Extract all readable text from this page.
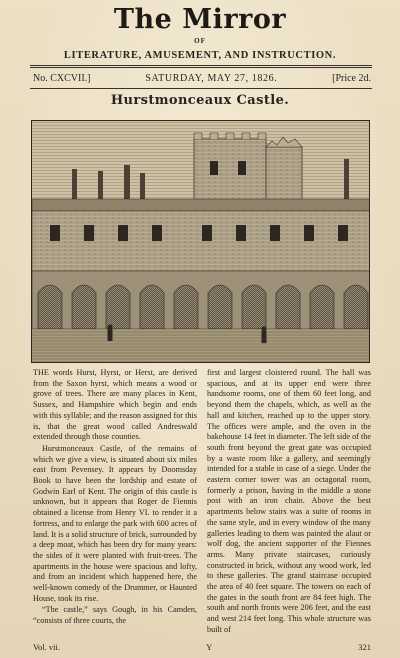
The Mirror
OF
LITERATURE, AMUSEMENT, AND INSTRUCTION.
No. CXCVII.]	SATURDAY, MAY 27, 1826.	[Price 2d.
Hurstmonceaux Castle.

THE words Hurst, Hyrst, or Herst, are derived from the Saxon hyrst, which means a wood or grove of trees. There are many places in Kent, Sussex, and Hampshire which begin and ends with this syllable; and the reason assigned for this is, that the great wood called Andreswald extended through those counties.

Hurstmonceaux Castle, of the remains of which we give a view, is situated about six miles east from Pevensey. It appears by Doomsday Book to have been the lordship and estate of Godwin Earl of Kent. The origin of this castle is unknown, but it appears that Roger de Fiennis obtained a license from Henry VI. to render it a fortress, and to enlarge the park with 600 acres of land. It is a solid structure of brick, surrounded by a deep moat, which has been dry for many years: the sides of it were planted with fruit-trees. The apartments in the house were spacious and lofty, and from an incident which happened here, the well-known comedy of the Drummer, or Haunted House, took its rise.

“The castle,” says Gough, in his Camden, “consists of three courts, the

first and largest cloistered round. The hall was spacious, and at its upper end were three handsome rooms, one of them 60 feet long, and beyond them the chapels, which, as well as the hall and kitchen, reached up to the upper story. The offices were ample, and the oven in the bakehouse 14 feet in diameter. The left side of the south front beyond the great gate was occupied by a waste room like a gallery, and seemingly intended for a stable in case of a siege. Under the eastern corner tower was an octagonal room, formerly a prison, having in the middle a stone post with an iron chain. Above the best apartments below stairs was a suite of rooms in the same style, and in every window of the many galleries leading to them was painted the alaut or wolf dog, the ancient supporter of the Fiennes arms. Many private staircases, curiously constructed in brick, without any wood work, led to these galleries. The grand staircase occupied the area of 40 feet square. The towers on each of the gates in the south front are 84 feet high. The south and north fronts were 206 feet, and the east and west 214 feet long. This whole structure was built of

Vol. vii.	Y	321
